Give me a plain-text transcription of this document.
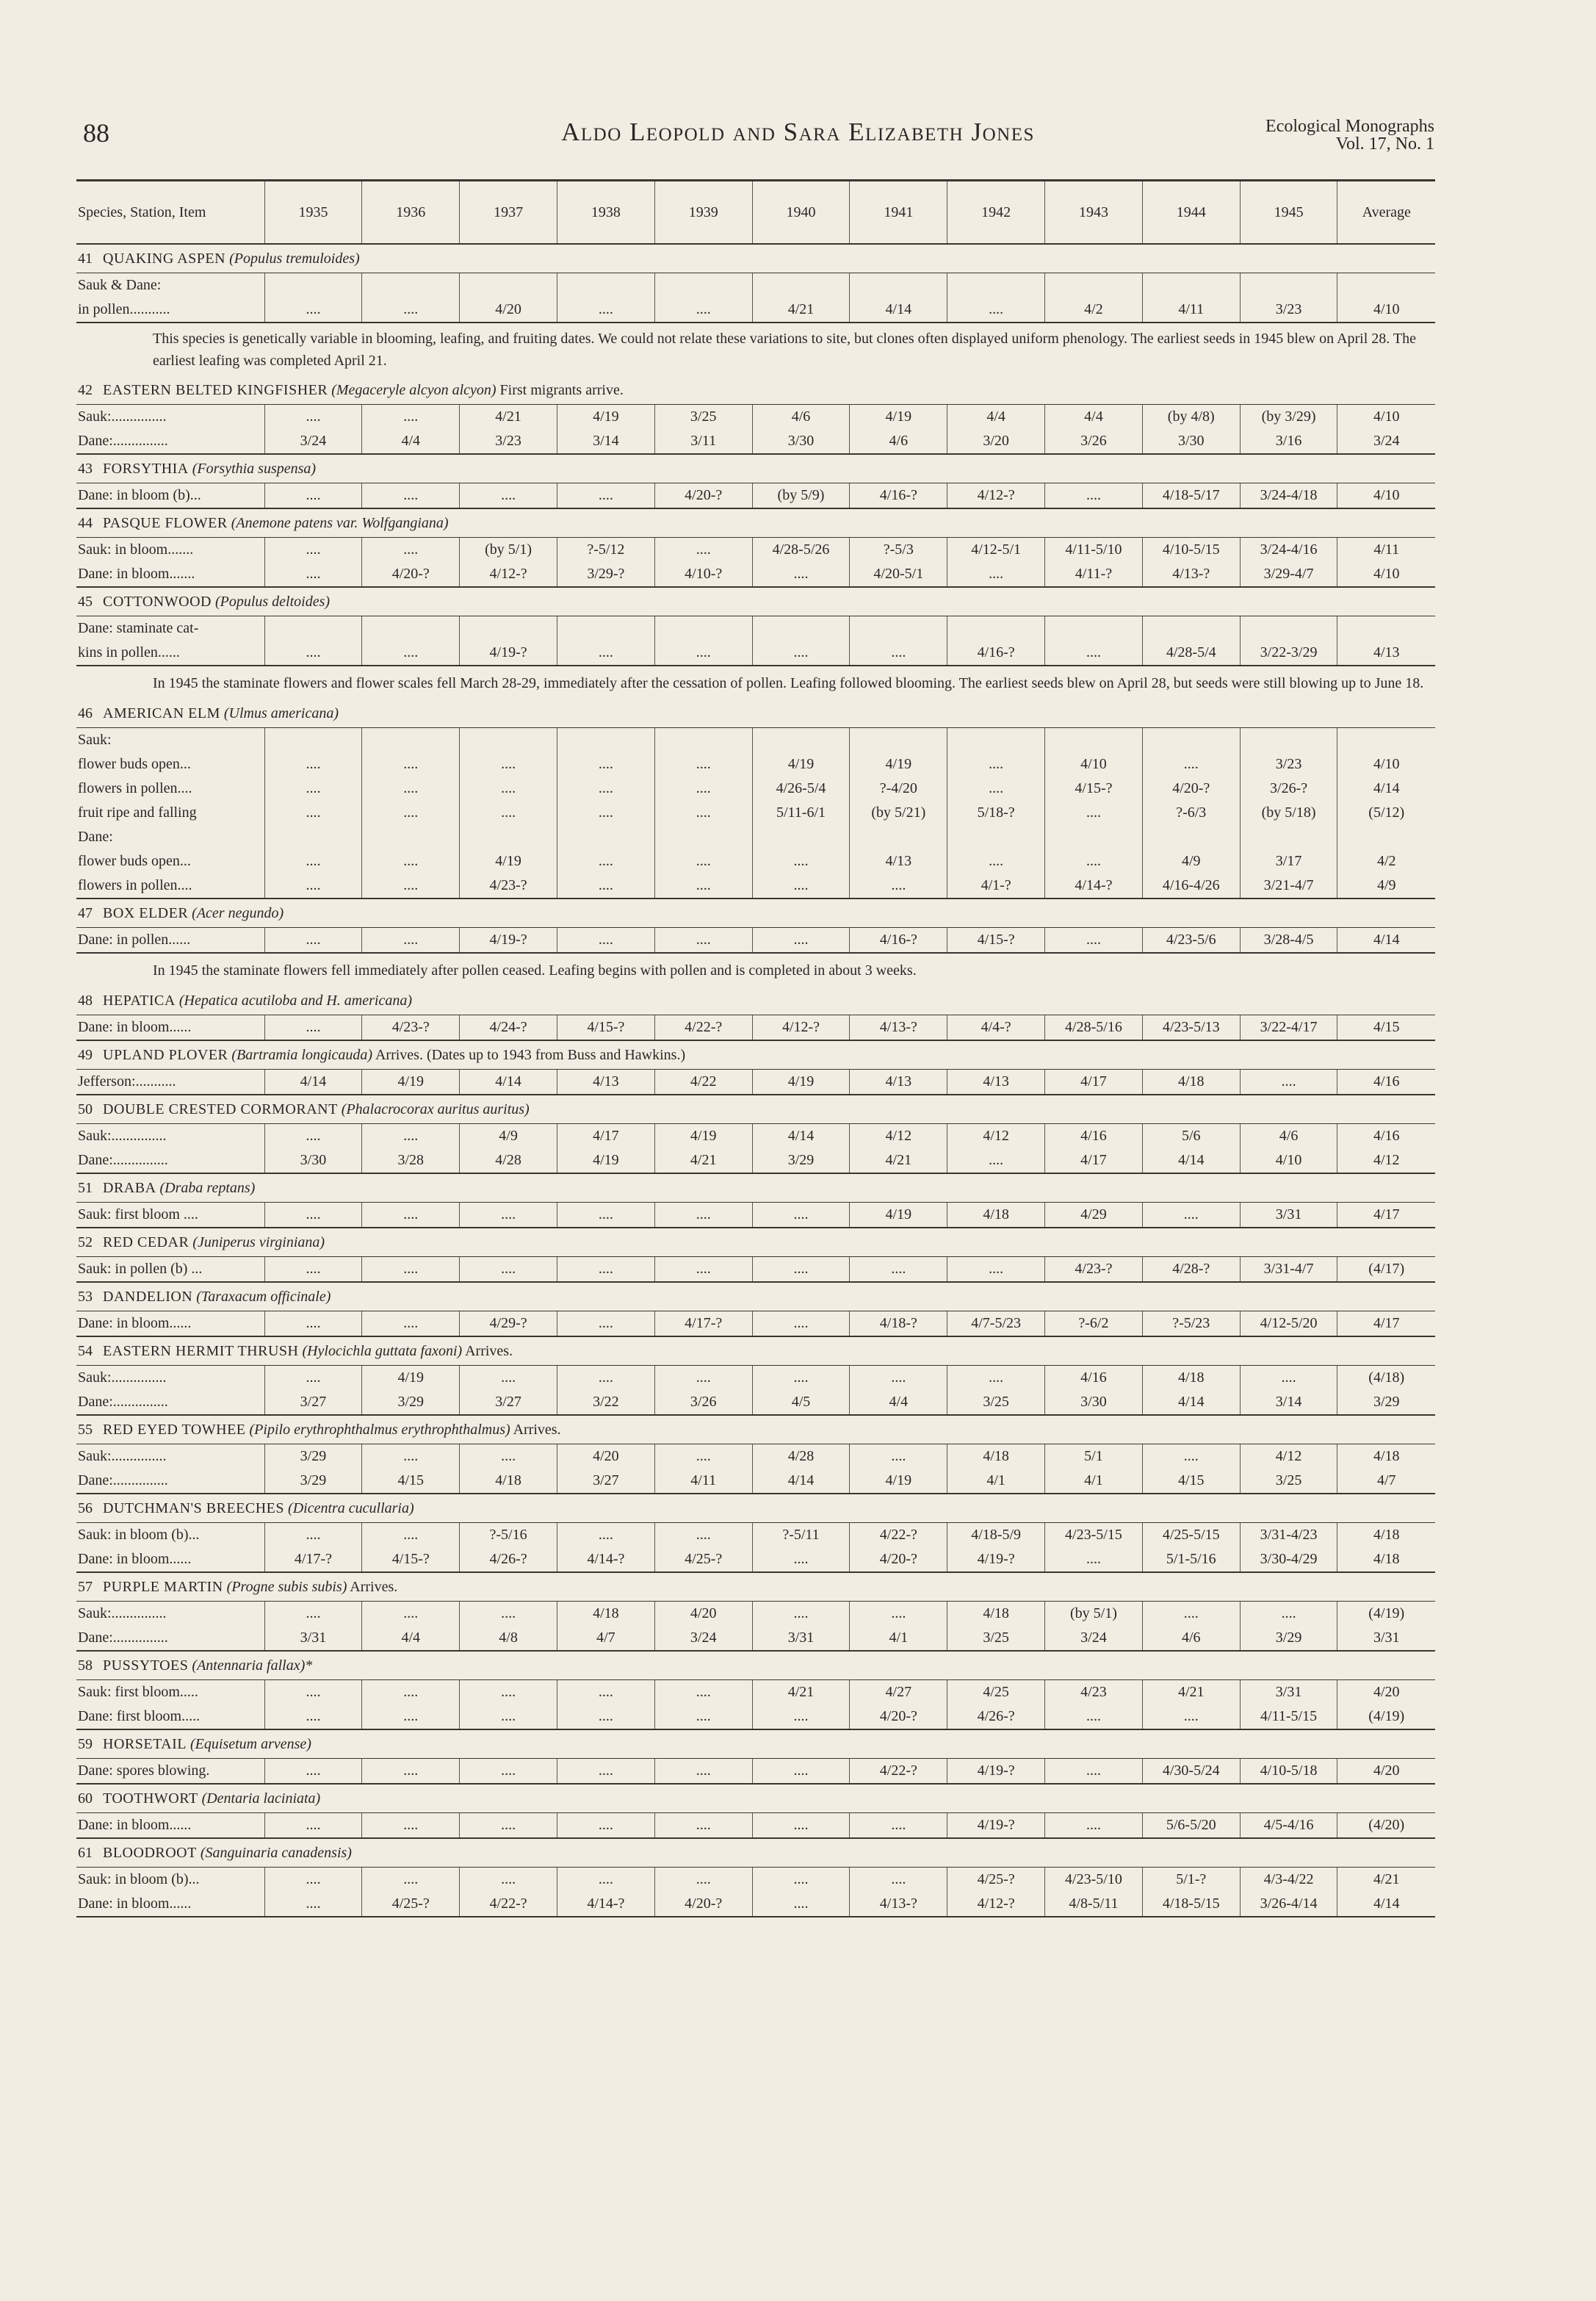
88	Aldo Leopold and Sara Elizabeth Jones	Ecological Monographs
Vol. 17, No. 1
Species, Station, Item	1935	1936	1937	1938	1939	1940	1941	1942	1943	1944	1945	Average
41 QUAKING ASPEN (Populus tremuloides)												
Sauk & Dane:												
in pollen...........	....	....	4/20	....	....	4/21	4/14	....	4/2	4/11	3/23	4/10
This species is genetically variable in blooming, leafing, and fruiting dates. We could not relate these variations to site, but clones often displayed uniform phenology. The earliest seeds in 1945 blew on April 28. The earliest leafing was completed April 21.												
42 EASTERN BELTED KINGFISHER (Megaceryle alcyon alcyon) First migrants arrive.												
Sauk:...............	....	....	4/21	4/19	3/25	4/6	4/19	4/4	4/4	(by 4/8)	(by 3/29)	4/10
Dane:...............	3/24	4/4	3/23	3/14	3/11	3/30	4/6	3/20	3/26	3/30	3/16	3/24
43 FORSYTHIA (Forsythia suspensa)												
Dane: in bloom (b)...	....	....	....	....	4/20-?	(by 5/9)	4/16-?	4/12-?	....	4/18-5/17	3/24-4/18	4/10
44 PASQUE FLOWER (Anemone patens var. Wolfgangiana)												
Sauk: in bloom.......	....	....	(by 5/1)	?-5/12	....	4/28-5/26	?-5/3	4/12-5/1	4/11-5/10	4/10-5/15	3/24-4/16	4/11
Dane: in bloom.......	....	4/20-?	4/12-?	3/29-?	4/10-?	....	4/20-5/1	....	4/11-?	4/13-?	3/29-4/7	4/10
45 COTTONWOOD (Populus deltoides)												
Dane: staminate cat-												
kins in pollen......	....	....	4/19-?	....	....	....	....	4/16-?	....	4/28-5/4	3/22-3/29	4/13
In 1945 the staminate flowers and flower scales fell March 28-29, immediately after the cessation of pollen. Leafing followed blooming. The earliest seeds blew on April 28, but seeds were still blowing up to June 18.												
46 AMERICAN ELM (Ulmus americana)												
Sauk:												
flower buds open...	....	....	....	....	....	4/19	4/19	....	4/10	....	3/23	4/10
flowers in pollen....	....	....	....	....	....	4/26-5/4	?-4/20	....	4/15-?	4/20-?	3/26-?	4/14
fruit ripe and falling	....	....	....	....	....	5/11-6/1	(by 5/21)	5/18-?	....	?-6/3	(by 5/18)	(5/12)
Dane:												
flower buds open...	....	....	4/19	....	....	....	4/13	....	....	4/9	3/17	4/2
flowers in pollen....	....	....	4/23-?	....	....	....	....	4/1-?	4/14-?	4/16-4/26	3/21-4/7	4/9
47 BOX ELDER (Acer negundo)												
Dane: in pollen......	....	....	4/19-?	....	....	....	4/16-?	4/15-?	....	4/23-5/6	3/28-4/5	4/14
In 1945 the staminate flowers fell immediately after pollen ceased. Leafing begins with pollen and is completed in about 3 weeks.												
48 HEPATICA (Hepatica acutiloba and H. americana)												
Dane: in bloom......	....	4/23-?	4/24-?	4/15-?	4/22-?	4/12-?	4/13-?	4/4-?	4/28-5/16	4/23-5/13	3/22-4/17	4/15
49 UPLAND PLOVER (Bartramia longicauda) Arrives. (Dates up to 1943 from Buss and Hawkins.)												
Jefferson:...........	4/14	4/19	4/14	4/13	4/22	4/19	4/13	4/13	4/17	4/18	....	4/16
50 DOUBLE CRESTED CORMORANT (Phalacrocorax auritus auritus)												
Sauk:...............	....	....	4/9	4/17	4/19	4/14	4/12	4/12	4/16	5/6	4/6	4/16
Dane:...............	3/30	3/28	4/28	4/19	4/21	3/29	4/21	....	4/17	4/14	4/10	4/12
51 DRABA (Draba reptans)												
Sauk: first bloom ....	....	....	....	....	....	....	4/19	4/18	4/29	....	3/31	4/17
52 RED CEDAR (Juniperus virginiana)												
Sauk: in pollen (b) ...	....	....	....	....	....	....	....	....	4/23-?	4/28-?	3/31-4/7	(4/17)
53 DANDELION (Taraxacum officinale)												
Dane: in bloom......	....	....	4/29-?	....	4/17-?	....	4/18-?	4/7-5/23	?-6/2	?-5/23	4/12-5/20	4/17
54 EASTERN HERMIT THRUSH (Hylocichla guttata faxoni) Arrives.												
Sauk:...............	....	4/19	....	....	....	....	....	....	4/16	4/18	....	(4/18)
Dane:...............	3/27	3/29	3/27	3/22	3/26	4/5	4/4	3/25	3/30	4/14	3/14	3/29
55 RED EYED TOWHEE (Pipilo erythrophthalmus erythrophthalmus) Arrives.												
Sauk:...............	3/29	....	....	4/20	....	4/28	....	4/18	5/1	....	4/12	4/18
Dane:...............	3/29	4/15	4/18	3/27	4/11	4/14	4/19	4/1	4/1	4/15	3/25	4/7
56 DUTCHMAN'S BREECHES (Dicentra cucullaria)												
Sauk: in bloom (b)...	....	....	?-5/16	....	....	?-5/11	4/22-?	4/18-5/9	4/23-5/15	4/25-5/15	3/31-4/23	4/18
Dane: in bloom......	4/17-?	4/15-?	4/26-?	4/14-?	4/25-?	....	4/20-?	4/19-?	....	5/1-5/16	3/30-4/29	4/18
57 PURPLE MARTIN (Progne subis subis) Arrives.												
Sauk:...............	....	....	....	4/18	4/20	....	....	4/18	(by 5/1)	....	....	(4/19)
Dane:...............	3/31	4/4	4/8	4/7	3/24	3/31	4/1	3/25	3/24	4/6	3/29	3/31
58 PUSSYTOES (Antennaria fallax)*												
Sauk: first bloom.....	....	....	....	....	....	4/21	4/27	4/25	4/23	4/21	3/31	4/20
Dane: first bloom.....	....	....	....	....	....	....	4/20-?	4/26-?	....	....	4/11-5/15	(4/19)
59 HORSETAIL (Equisetum arvense)												
Dane: spores blowing.	....	....	....	....	....	....	4/22-?	4/19-?	....	4/30-5/24	4/10-5/18	4/20
60 TOOTHWORT (Dentaria laciniata)												
Dane: in bloom......	....	....	....	....	....	....	....	4/19-?	....	5/6-5/20	4/5-4/16	(4/20)
61 BLOODROOT (Sanguinaria canadensis)												
Sauk: in bloom (b)...	....	....	....	....	....	....	....	4/25-?	4/23-5/10	5/1-?	4/3-4/22	4/21
Dane: in bloom......	....	4/25-?	4/22-?	4/14-?	4/20-?	....	4/13-?	4/12-?	4/8-5/11	4/18-5/15	3/26-4/14	4/14
